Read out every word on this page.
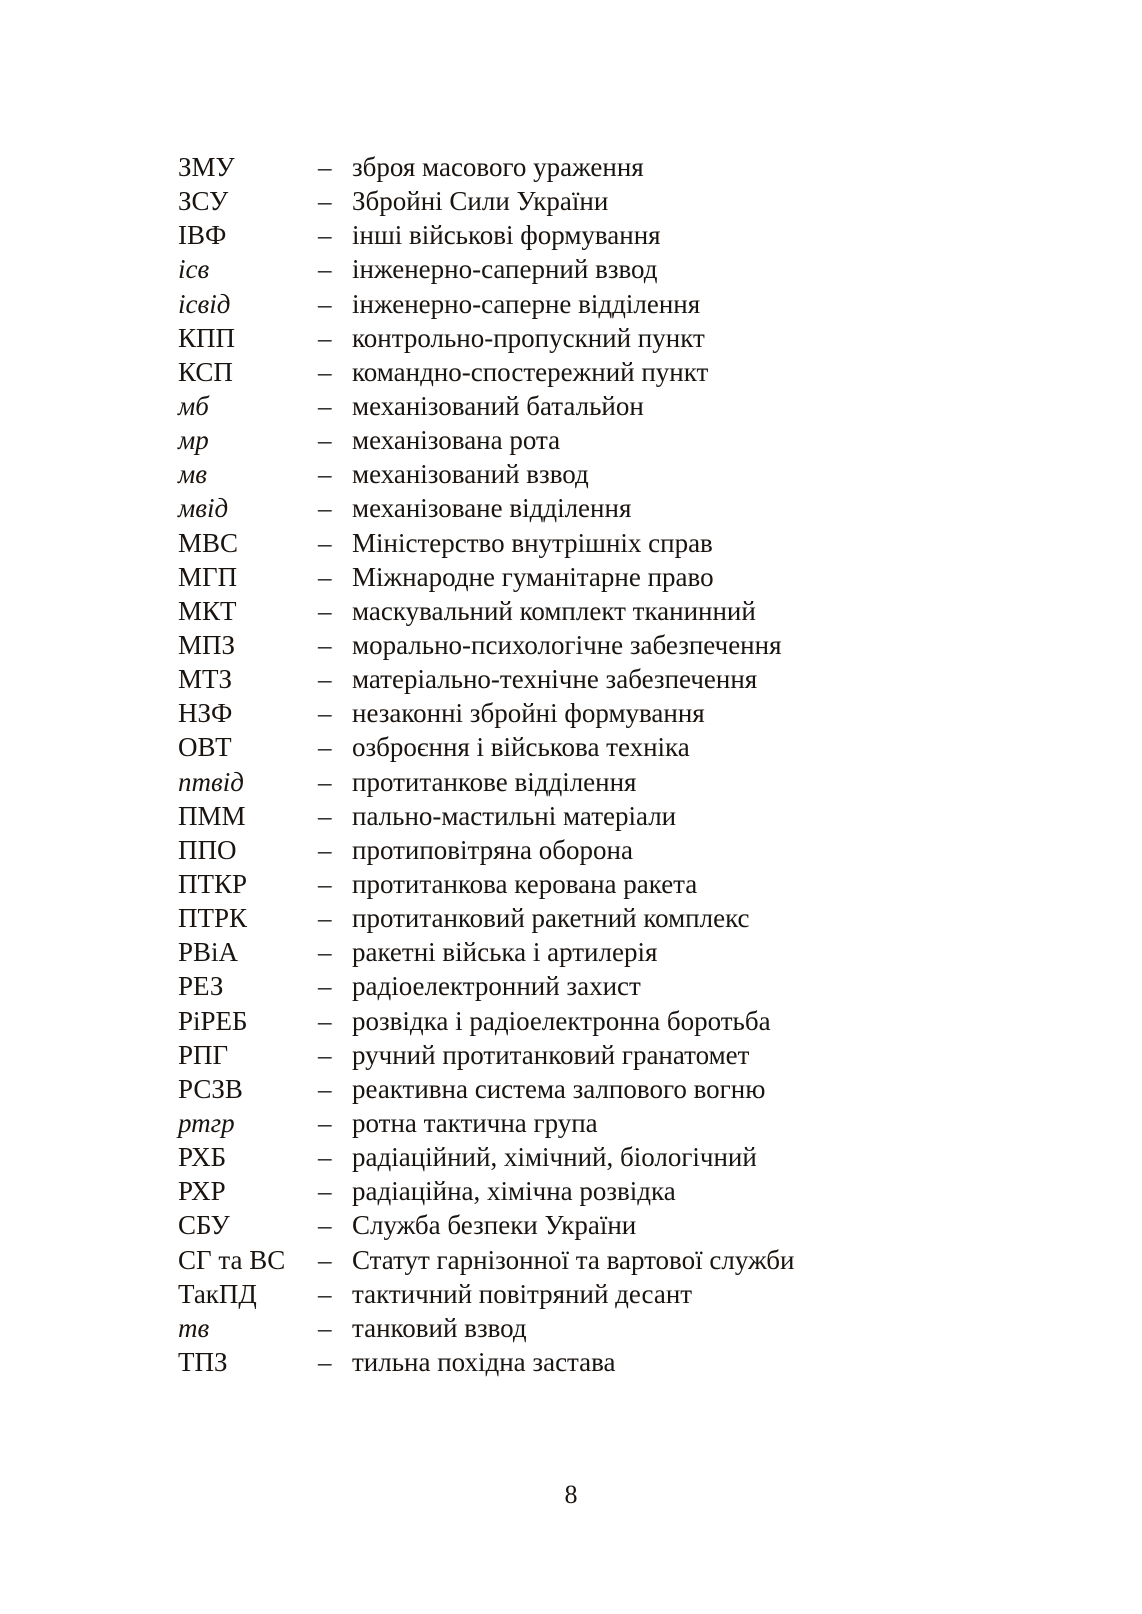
ЗМУ	– зброя масового ураження
ЗСУ	– Збройні Сили України
ІВФ	– інші військові формування
ісв	– інженерно-саперний взвод
ісвід	– інженерно-саперне відділення
КПП	– контрольно-пропускний пункт
КСП	– командно-спостережний пункт
мб	– механізований батальйон
мр	– механізована рота
мв	– механізований взвод
мвід	– механізоване відділення
МВС	– Міністерство внутрішніх справ
МГП	– Міжнародне гуманітарне право
МКТ	– маскувальний комплект тканинний
МПЗ	– морально-психологічне забезпечення
МТЗ	– матеріально-технічне забезпечення
НЗФ	– незаконні збройні формування
ОВТ	– озброєння і військова техніка
птвід	– протитанкове відділення
ПММ	– пально-мастильні матеріали
ППО	– протиповітряна оборона
ПТКР	– протитанкова керована ракета
ПТРК	– протитанковий ракетний комплекс
РВіА	– ракетні війська і артилерія
РЕЗ	– радіоелектронний захист
РіРЕБ	– розвідка і радіоелектронна боротьба
РПГ	– ручний протитанковий гранатомет
РСЗВ	– реактивна система залпового вогню
ртгр	– ротна тактична група
РХБ	– радіаційний, хімічний, біологічний
РХР	– радіаційна, хімічна розвідка
СБУ	– Служба безпеки України
СГ та ВС – Статут гарнізонної та вартової служби
ТакПД – тактичний повітряний десант
тв	– танковий взвод
ТПЗ	– тильна похідна застава
8
